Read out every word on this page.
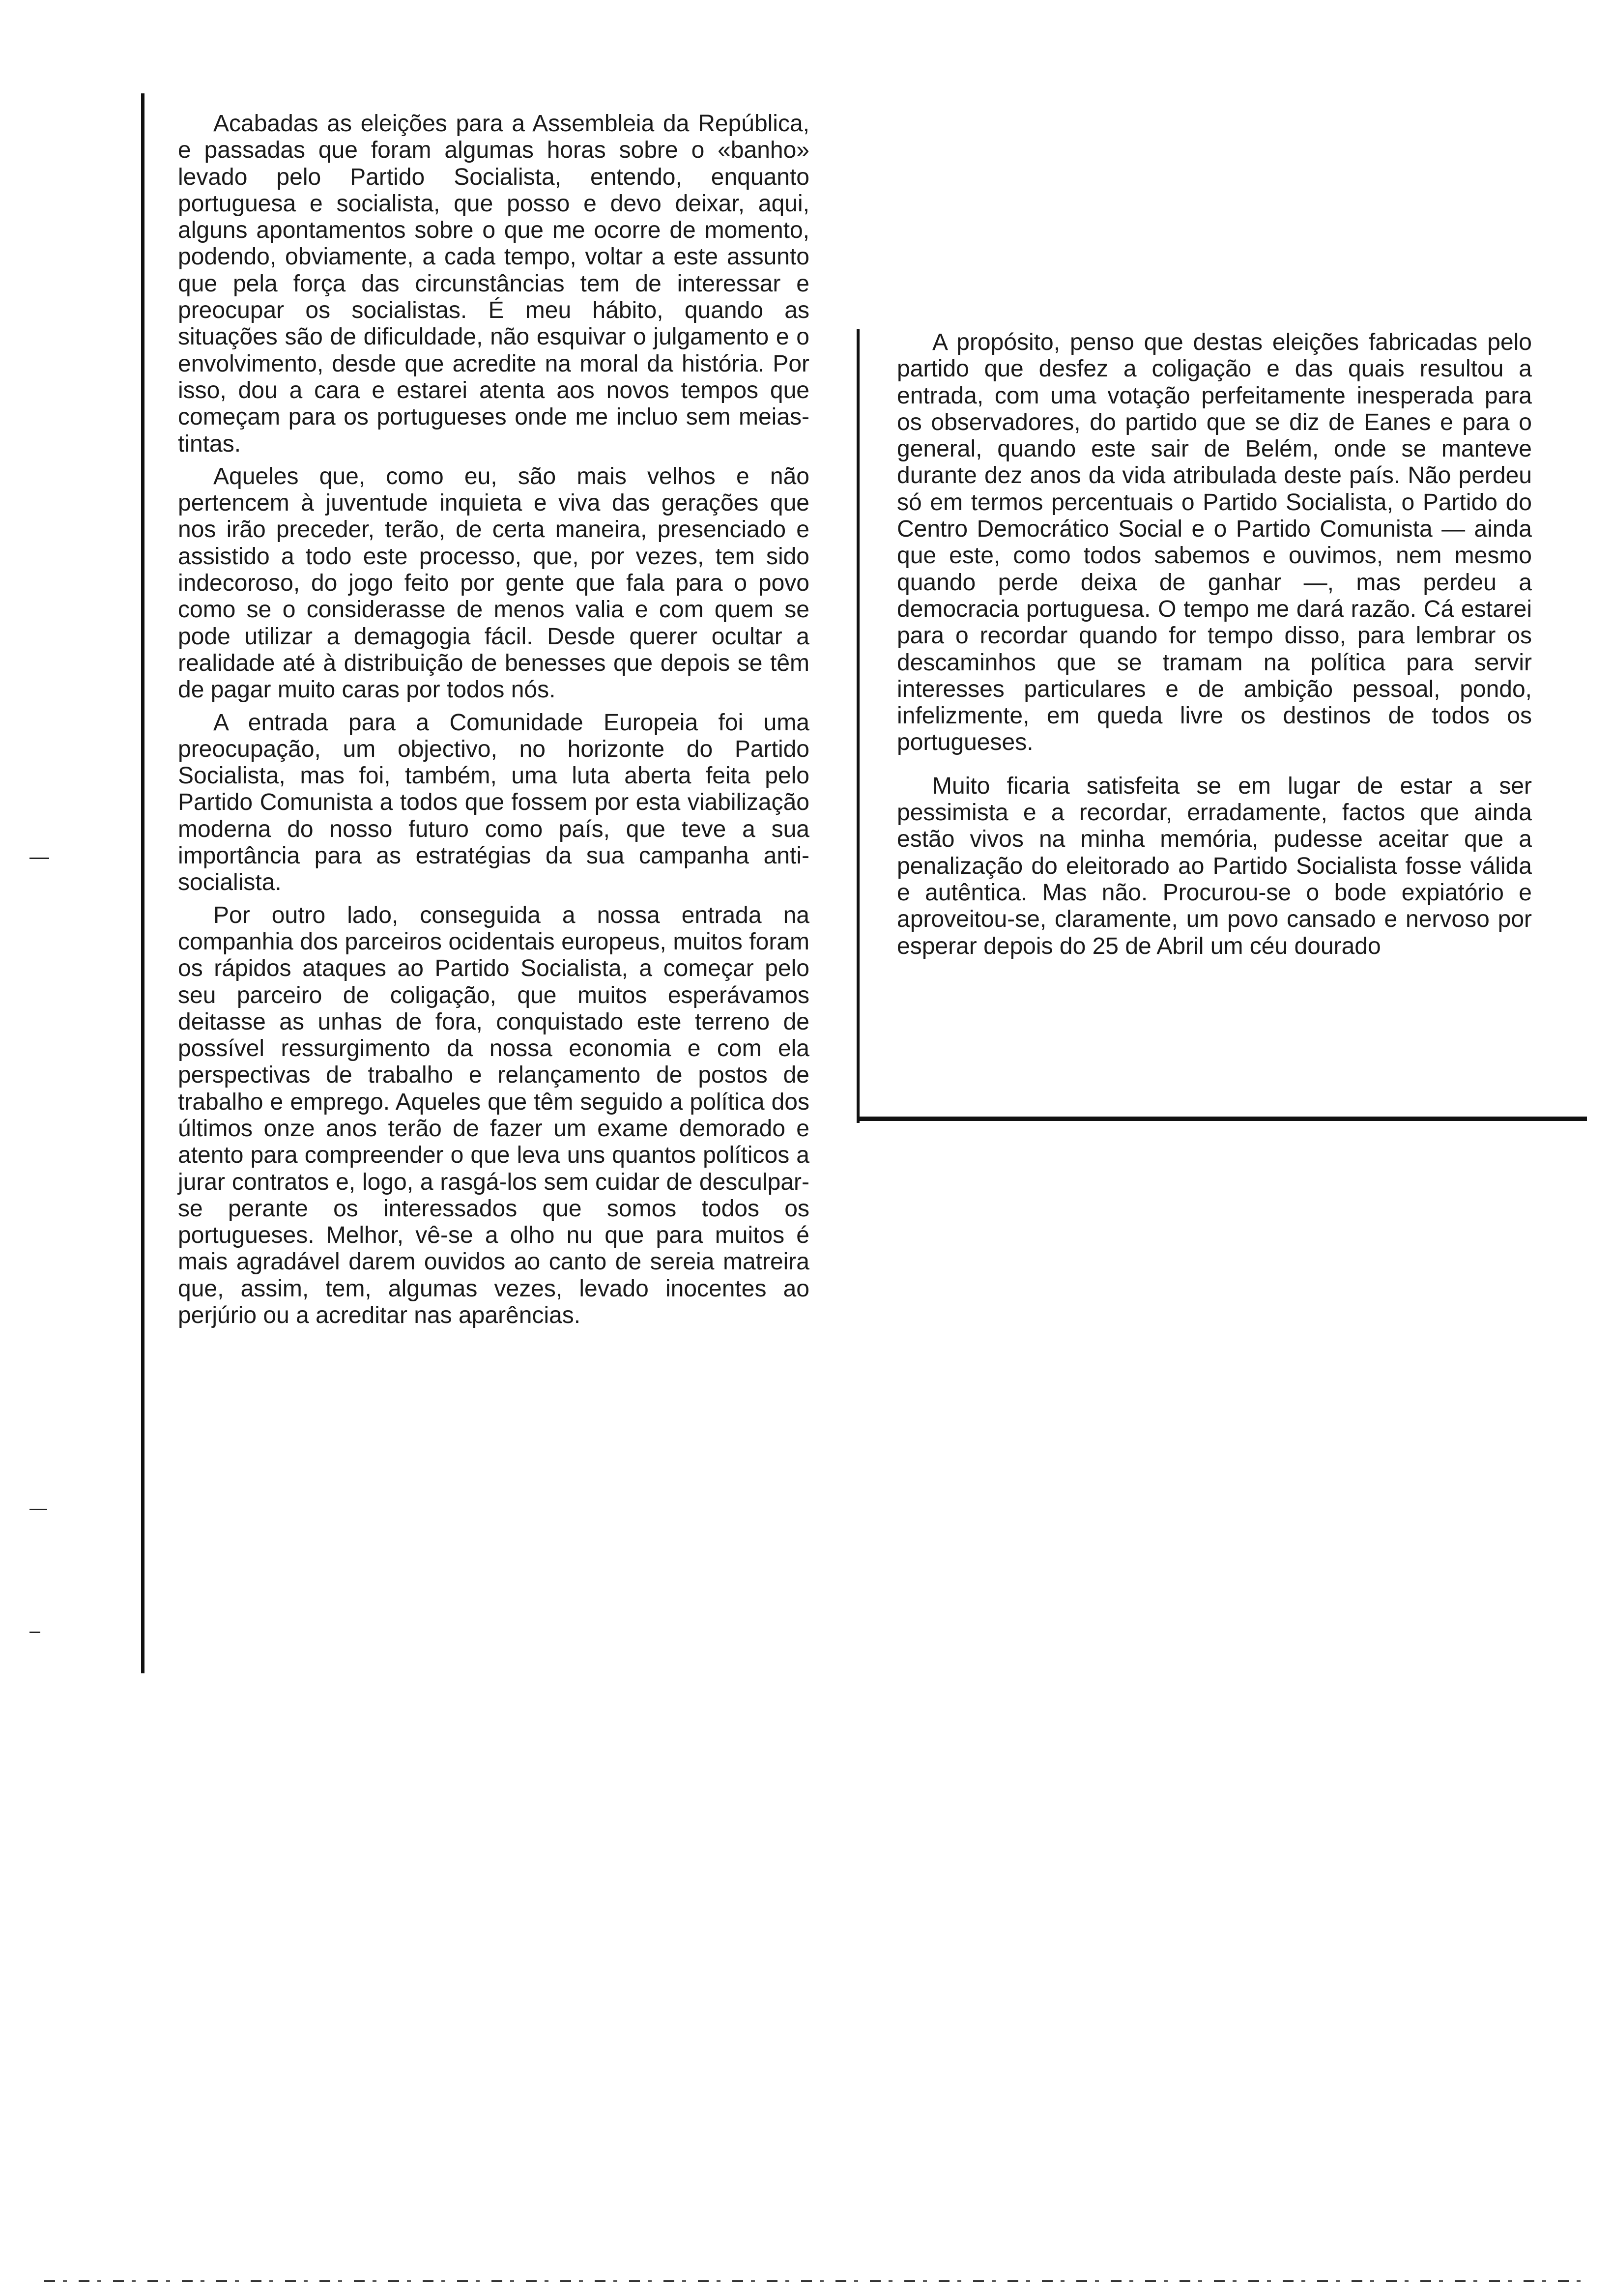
Acabadas as eleições para a Assembleia da República, e passadas que foram algumas horas sobre o «banho» levado pelo Partido Socialista, entendo, enquanto portuguesa e socialista, que posso e devo deixar, aqui, alguns apontamentos sobre o que me ocorre de momento, podendo, obviamente, a cada tempo, voltar a este assunto que pela força das circunstâncias tem de interessar e preocupar os socialistas. É meu hábito, quando as situações são de dificuldade, não esquivar o julgamento e o envolvimento, desde que acredite na moral da história. Por isso, dou a cara e estarei atenta aos novos tempos que começam para os portugueses onde me incluo sem meias-tintas.

Aqueles que, como eu, são mais velhos e não pertencem à juventude inquieta e viva das gerações que nos irão preceder, terão, de certa maneira, presenciado e assistido a todo este processo, que, por vezes, tem sido indecoroso, do jogo feito por gente que fala para o povo como se o considerasse de menos valia e com quem se pode utilizar a demagogia fácil. Desde querer ocultar a realidade até à distribuição de benesses que depois se têm de pagar muito caras por todos nós.

A entrada para a Comunidade Europeia foi uma preocupação, um objectivo, no horizonte do Partido Socialista, mas foi, também, uma luta aberta feita pelo Partido Comunista a todos que fossem por esta viabilização moderna do nosso futuro como país, que teve a sua importância para as estratégias da sua campanha anti-socialista.

Por outro lado, conseguida a nossa entrada na companhia dos parceiros ocidentais europeus, muitos foram os rápidos ataques ao Partido Socialista, a começar pelo seu parceiro de coligação, que muitos esperávamos deitasse as unhas de fora, conquistado este terreno de possível ressurgimento da nossa economia e com ela perspectivas de trabalho e relançamento de postos de trabalho e emprego. Aqueles que têm seguido a política dos últimos onze anos terão de fazer um exame demorado e atento para compreender o que leva uns quantos políticos a jurar contratos e, logo, a rasgá-los sem cuidar de desculpar-se perante os interessados que somos todos os portugueses. Melhor, vê-se a olho nu que para muitos é mais agradável darem ouvidos ao canto de sereia matreira que, assim, tem, algumas vezes, levado inocentes ao perjúrio ou a acreditar nas aparências.

A propósito, penso que destas eleições fabricadas pelo partido que desfez a coligação e das quais resultou a entrada, com uma votação perfeitamente inesperada para os observadores, do partido que se diz de Eanes e para o general, quando este sair de Belém, onde se manteve durante dez anos da vida atribulada deste país. Não perdeu só em termos percentuais o Partido Socialista, o Partido do Centro Democrático Social e o Partido Comunista — ainda que este, como todos sabemos e ouvimos, nem mesmo quando perde deixa de ganhar —, mas perdeu a democracia portuguesa. O tempo me dará razão. Cá estarei para o recordar quando for tempo disso, para lembrar os descaminhos que se tramam na política para servir interesses particulares e de ambição pessoal, pondo, infelizmente, em queda livre os destinos de todos os portugueses.

Muito ficaria satisfeita se em lugar de estar a ser pessimista e a recordar, erradamente, factos que ainda estão vivos na minha memória, pudesse aceitar que a penalização do eleitorado ao Partido Socialista fosse válida e autêntica. Mas não. Procurou-se o bode expiatório e aproveitou-se, claramente, um povo cansado e nervoso por esperar depois do 25 de Abril um céu dourado
